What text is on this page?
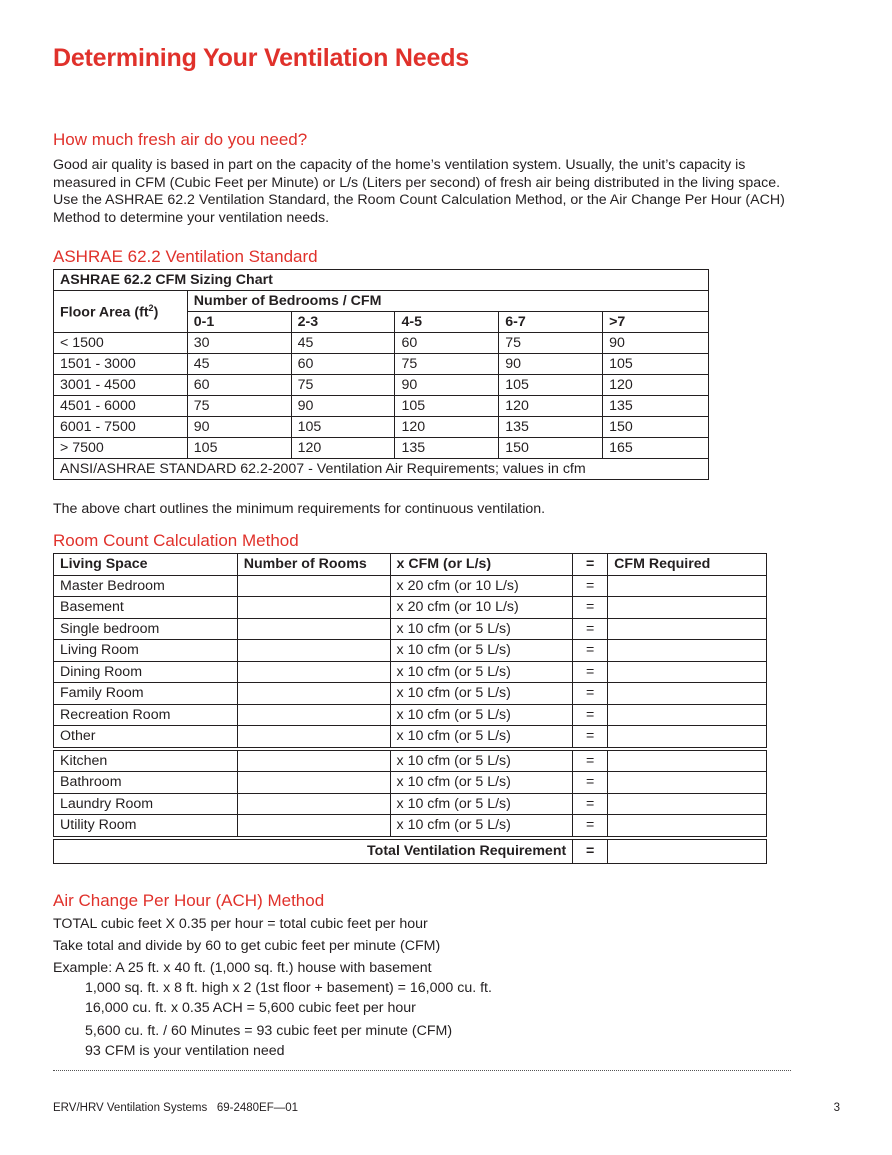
Determining Your Ventilation Needs
How much fresh air do you need?

Good air quality is based in part on the capacity of the home’s ventilation system. Usually, the unit’s capacity is measured in CFM (Cubic Feet per Minute) or L/s (Liters per second) of fresh air being distributed in the living space. Use the ASHRAE 62.2 Ventilation Standard, the Room Count Calculation Method, or the Air Change Per Hour (ACH) Method to determine your ventilation needs.

ASHRAE 62.2 Ventilation Standard
ASHRAE 62.2 CFM Sizing Chart					
Floor Area $(ft^2)$	Number of Bedrooms / CFM				
	0-1	2-3	4-5	6-7	>7
< 1500	30	45	60	75	90
1501 - 3000	45	60	75	90	105
3001 - 4500	60	75	90	105	120
4501 - 6000	75	90	105	120	135
6001 - 7500	90	105	120	135	150
> 7500	105	120	135	150	165
ANSI/ASHRAE STANDARD 62.2-2007 - Ventilation Air Requirements; values in cfm					

The above chart outlines the minimum requirements for continuous ventilation.

Room Count Calculation Method
Living Space	Number of Rooms	x CFM (or L/s)	=	CFM Required
Master Bedroom		x 20 cfm (or 10 L/s)	=	
Basement		x 20 cfm (or 10 L/s)	=	
Single bedroom		x 10 cfm (or 5 L/s)	=	
Living Room		x 10 cfm (or 5 L/s)	=	
Dining Room		x 10 cfm (or 5 L/s)	=	
Family Room		x 10 cfm (or 5 L/s)	=	
Recreation Room		x 10 cfm (or 5 L/s)	=	
Other		x 10 cfm (or 5 L/s)	=	
Kitchen		x 10 cfm (or 5 L/s)	=	
Bathroom		x 10 cfm (or 5 L/s)	=	
Laundry Room		x 10 cfm (or 5 L/s)	=	
Utility Room		x 10 cfm (or 5 L/s)	=	
Total Ventilation Requirement			=	
Air Change Per Hour (ACH) Method

TOTAL cubic feet X 0.35 per hour = total cubic feet per hour

Take total and divide by 60 to get cubic feet per minute (CFM)

Example: A 25 ft. x 40 ft. (1,000 sq. ft.) house with basement

1,000 sq. ft. x 8 ft. high x 2 (1st floor + basement) = 16,000 cu. ft.

16,000 cu. ft. x 0.35 ACH = 5,600 cubic feet per hour

5,600 cu. ft. / 60 Minutes = 93 cubic feet per minute (CFM)

93 CFM is your ventilation need

ERV/HRV Ventilation Systems   69-2480EF—01	3
